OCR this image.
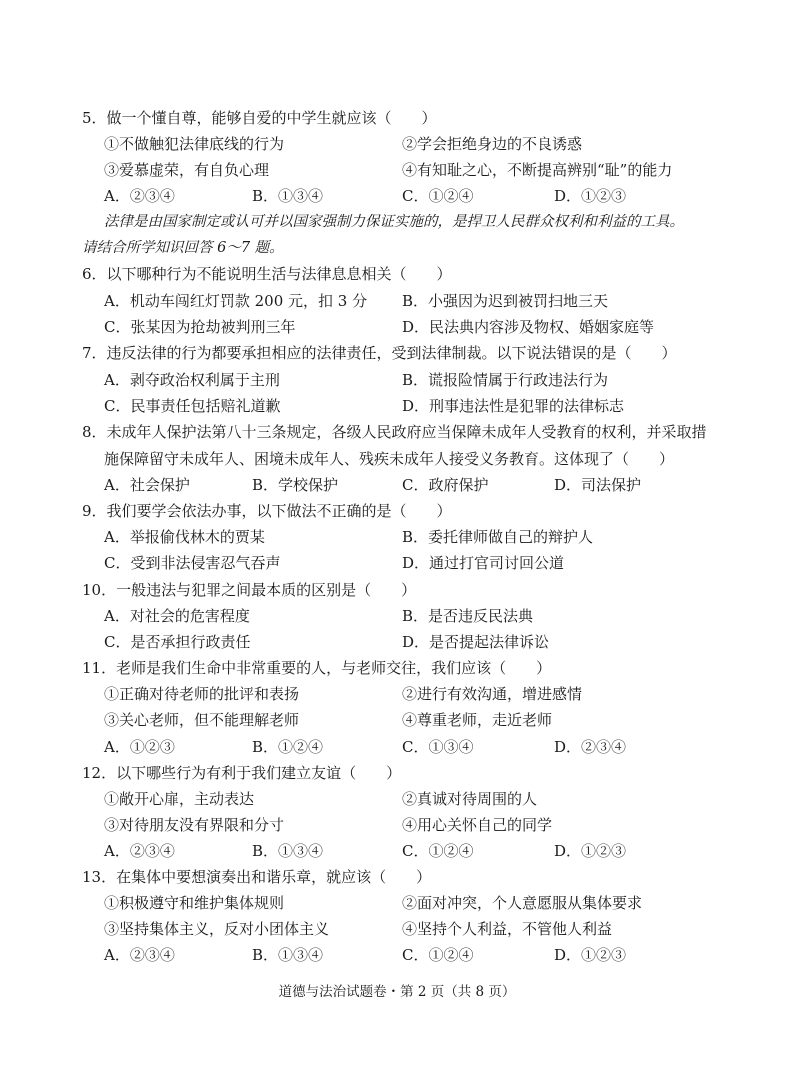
5．做一个懂自尊，能够自爱的中学生就应该（　　）
①不做触犯法律底线的行为	②学会拒绝身边的不良诱惑
③爱慕虚荣，有自负心理	④有知耻之心，不断提高辨别“耻”的能力
A．②③④	B．①③④	C．①②④	D．①②③
法律是由国家制定或认可并以国家强制力保证实施的，是捍卫人民群众权利和利益的工具。
请结合所学知识回答 6～7 题。
6．以下哪种行为不能说明生活与法律息息相关（　　）
A．机动车闯红灯罚款 200 元，扣 3 分 B．小强因为迟到被罚扫地三天
C．张某因为抢劫被判刑三年	D．民法典内容涉及物权、婚姻家庭等
7．违反法律的行为都要承担相应的法律责任，受到法律制裁。以下说法错误的是（　　）
A．剥夺政治权利属于主刑	B．谎报险情属于行政违法行为
C．民事责任包括赔礼道歉	D．刑事违法性是犯罪的法律标志
8．未成年人保护法第八十三条规定，各级人民政府应当保障未成年人受教育的权利，并采取措
施保障留守未成年人、困境未成年人、残疾未成年人接受义务教育。这体现了（　　）
A．社会保护	B．学校保护	C．政府保护	D．司法保护
9．我们要学会依法办事，以下做法不正确的是（　　）
A．举报偷伐林木的贾某	B．委托律师做自己的辩护人
C．受到非法侵害忍气吞声	D．通过打官司讨回公道
10．一般违法与犯罪之间最本质的区别是（　　）
A．对社会的危害程度	B．是否违反民法典
C．是否承担行政责任	D．是否提起法律诉讼
11．老师是我们生命中非常重要的人，与老师交往，我们应该（　　）
①正确对待老师的批评和表扬	②进行有效沟通，增进感情
③关心老师，但不能理解老师	④尊重老师，走近老师
A．①②③	B．①②④	C．①③④	D．②③④
12．以下哪些行为有利于我们建立友谊（　　）
①敞开心扉，主动表达	②真诚对待周围的人
③对待朋友没有界限和分寸	④用心关怀自己的同学
A．②③④	B．①③④	C．①②④	D．①②③
13．在集体中要想演奏出和谐乐章，就应该（　　）
①积极遵守和维护集体规则	②面对冲突，个人意愿服从集体要求
③坚持集体主义，反对小团体主义	④坚持个人利益，不管他人利益
A．②③④	B．①③④	C．①②④	D．①②③
道德与法治试题卷・第 2 页（共 8 页）
